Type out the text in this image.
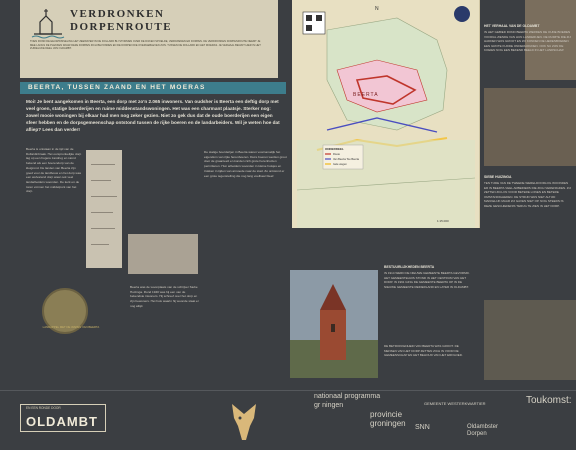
VERDRONKEN
DORPENROUTE
TOEN ROND DE EEUWWISSELING HET ZEEWATER IN DE DOLLARD BIJ STORMEN OVER DE DIJKEN SPOELDE, VERDWENEN ER DORPEN. DE VERDRONKEN DORPENROUTE NEEMT JE MEE LANGS DE PLEKKEN WAAR DEZE DORPEN ZICH BEVONDEN EN DE DORPEN DIE OVERGEBLEVEN ZIJN. TUSSEN DE DOLLARD EN HET MOERAS. JE VERHAAL BEGINT HIER IN HET ZUIDELIJKE DEEL VAN OLDAMBT.
BEERTA, TUSSEN ZAAND EN HET MOERAS
Moi! Je bent aangekomen in Beerta, een dorp met zo'n 2.065 inwoners. Van oudsher is Beerta een deftig dorp met veel groen, statige boerderijen en ruime middenstandswoningen. Het was een charmant plaatsje. Sterker nog: zowel mooie woningen bij elkaar had men nog zeker gezien. Niet zo gek dus dat de oude boerderijen een eigen sfeer hebben en de dorpsgemeenschap ontstond tussen de rijke boeren en de landarbeiders. Wil je weten hoe dat afliep? Lees dan verder!
Beerta is ontstaan in de tijd van de Dollardinbraak. Het oorspronkelijke dorp lag op een hogere zandrug en stond bekend als een boerendorp van de kleigrond. De landen van Beerta zijn goed voor de landbouw en het dorp was een welvarend dorp waar ook veel landarbeiders woonden. De kerk en de toren vormen het middelpunt van het dorp.
De statige boerderijen in Beerta waren voornamelijk het eigendom van rijke herenboeren. Deze boeren werden groot door de graanteelt en konden zich grote herenhuizen permitteren. Hun arbeiders woonden in kleine huisjes en trokken in tijden van armoede naar de stad. Zo ontstond er een grote tegenstelling die nog lang voelbaar bleef.
Beerta was de woonplaats van de schrijver Siebe Huizinga. Rond 1940 was hij een van de bekendste inwoners. Hij schreef over het dorp en zijn bewoners. Het huis waarin hij woonde staat er nog altijd.
LANDAPPEL MET DE WAPEN VAN BEERTA
N
BEERTA
ONDERDEEL
Route
Van Beerta Toe Beerta
Gele wegen
1:15.000
HET VERHAAL VAN DE OLDAMBT
IN HET GEBIED ROND BEERTA WERDEN DE OUDE BOEREN VOORAL ZIENDE VAN HUN LANDERIJEN. DE RUIMTE DIE ZIJ HADDEN WAS GROOT EN ZO KONDEN DE HERENBOEREN EEN GROTE KUDDE ONDERHOUDEN. OOK NU ZIJN DE KOEIEN NOG EEN BEKEND BEELD IN HET LANDSCHAP.
SIEBE HUIZINGA
TEN TIJDE VAN DE TWEEDE WERELDOORLOG WOONDEN ER IN BEERTA VEEL ARBEIDERS DIE ZICH VERENIGDEN. ZIJ ZETTEN ZICH IN VOOR BETERE LONEN EN BETERE OMSTANDIGHEDEN. DE STRIJD WAS NIET ALTIJD MAKKELIJK MAAR ZIJ GAVEN NIET OP. NOG STEEDS IS DEZE GESCHIEDENIS TERUG TE ZIEN IN HET DORP.
BESTUURLIJKHEDEN BEERTA
IN 1914 WERD DE NIEUWE GEMEENTE BEERTA GEVORMD. HET GEMEENTEHUIS STOND IN HET CENTRUM VAN HET DORP. IN 1991 GING DE GEMEENTE BEERTA OP IN DE NIEUWE GEMEENTE REIDERLAND EN LATER IN OLDAMBT.
DE BETROKKENHEID VAN BEERTA WAS GROOT. DE MENSEN VAN HET DORP ZETTEN ZICH IN VOOR DE GEMEENSCHAP EN HET BEHOUD VAN HET ERFGOED.
EN EEN RONDE DOOR
OLDAMBT
nationaal programma
gr ningen
provincie
groningen
GEMEENTE WESTERKWARTIER
SNN	Oldambster
Dorpen
Toukomst:
